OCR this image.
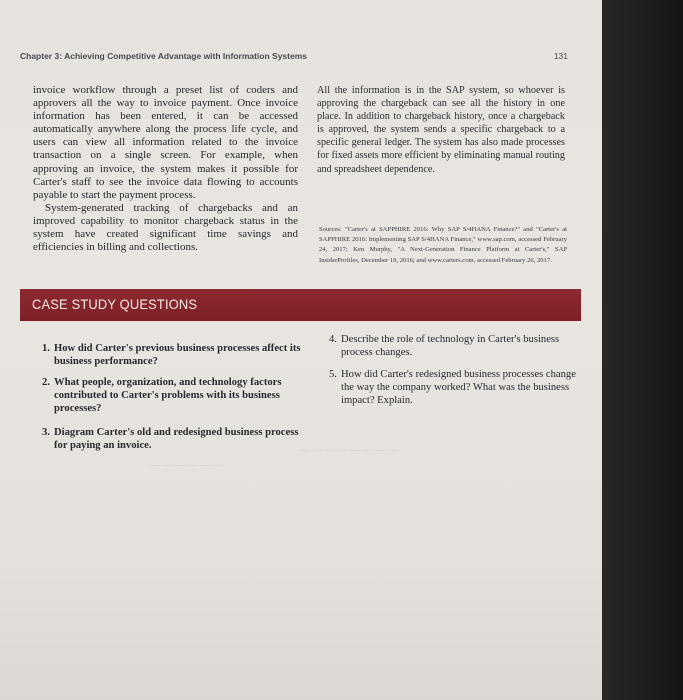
Chapter 3: Achieving Competitive Advantage with Information Systems	131

invoice workflow through a preset list of coders and approvers all the way to invoice payment. Once invoice information has been entered, it can be accessed automatically anywhere along the process life cycle, and users can view all information related to the invoice transaction on a single screen. For example, when approving an invoice, the system makes it possible for Carter's staff to see the invoice data flowing to accounts payable to start the payment process.

System-generated tracking of chargebacks and an improved capability to monitor chargeback status in the system have created significant time savings and efficiencies in billing and collections.

All the information is in the SAP system, so whoever is approving the chargeback can see all the history in one place. In addition to chargeback history, once a chargeback is approved, the system sends a specific chargeback to a specific general ledger. The system has also made processes for fixed assets more efficient by eliminating manual routing and spreadsheet dependence.

Sources: "Carter's at SAPPHIRE 2016: Why SAP S/4HANA Finance?" and "Carter's at SAPPHIRE 2016: Implementing SAP S/4HANA Finance," www.sap.com, accessed February 24, 2017; Ken Murphy, "A Next-Generation Finance Platform at Carter's," SAP InsiderProfiles, December 19, 2016; and www.carters.com, accessed February 26, 2017.
CASE STUDY QUESTIONS
1. How did Carter's previous business processes affect its business performance?
2. What people, organization, and technology factors contributed to Carter's problems with its business processes?
3. Diagram Carter's old and redesigned business process for paying an invoice.
4. Describe the role of technology in Carter's business process changes.
5. How did Carter's redesigned business processes change the way the company worked? What was the business impact? Explain.
— — — — — —
— — — — — — — —
